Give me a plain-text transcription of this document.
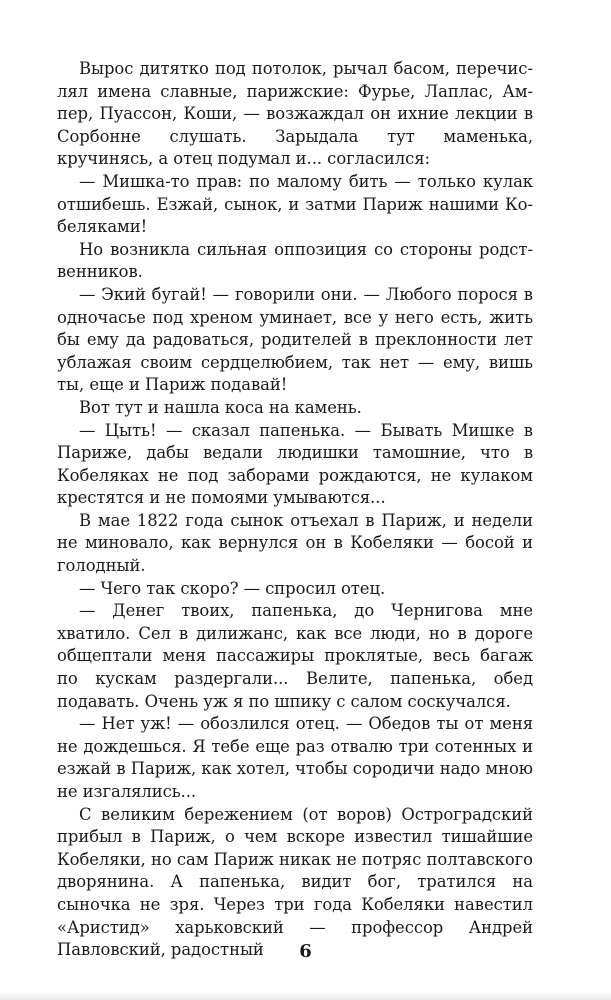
Вырос дитятко под потолок, рычал басом, перечислял имена славные, парижские: Фурье, Лаплас, Ампер, Пуассон, Коши, — возжаждал он ихние лекции в Сорбонне слушать. Зарыдала тут маменька, кручинясь, а отец подумал и... согласился:

— Мишка-то прав: по малому бить — только кулак отшибешь. Езжай, сынок, и затми Париж нашими Кобеляками!

Но возникла сильная оппозиция со стороны родственников.

— Экий бугай! — говорили они. — Любого порося в одночасье под хреном уминает, все у него есть, жить бы ему да радоваться, родителей в преклонности лет ублажая своим сердцелюбием, так нет — ему, вишь ты, еще и Париж подавай!

Вот тут и нашла коса на камень.

— Цыть! — сказал папенька. — Бывать Мишке в Париже, дабы ведали людишки тамошние, что в Кобеляках не под заборами рождаются, не кулаком крестятся и не помоями умываются...

В мае 1822 года сынок отъехал в Париж, и недели не миновало, как вернулся он в Кобеляки — босой и голодный.

— Чего так скоро? — спросил отец.

— Денег твоих, папенька, до Чернигова мне хватило. Сел в дилижанс, как все люди, но в дороге общептали меня пассажиры проклятые, весь багаж по кускам раздергали... Велите, папенька, обед подавать. Очень уж я по шпику с салом соскучался.

— Нет уж! — обозлился отец. — Обедов ты от меня не дождешься. Я тебе еще раз отвалю три сотенных и езжай в Париж, как хотел, чтобы сородичи надо мною не изгалялись...

С великим бережением (от воров) Остроградский прибыл в Париж, о чем вскоре известил тишайшие Кобеляки, но сам Париж никак не потряс полтавского дворянина. А папенька, видит бог, тратился на сыночка не зря. Через три года Кобеляки навестил «Аристид» харьковский — профессор Андрей Павловский, радостный	6
